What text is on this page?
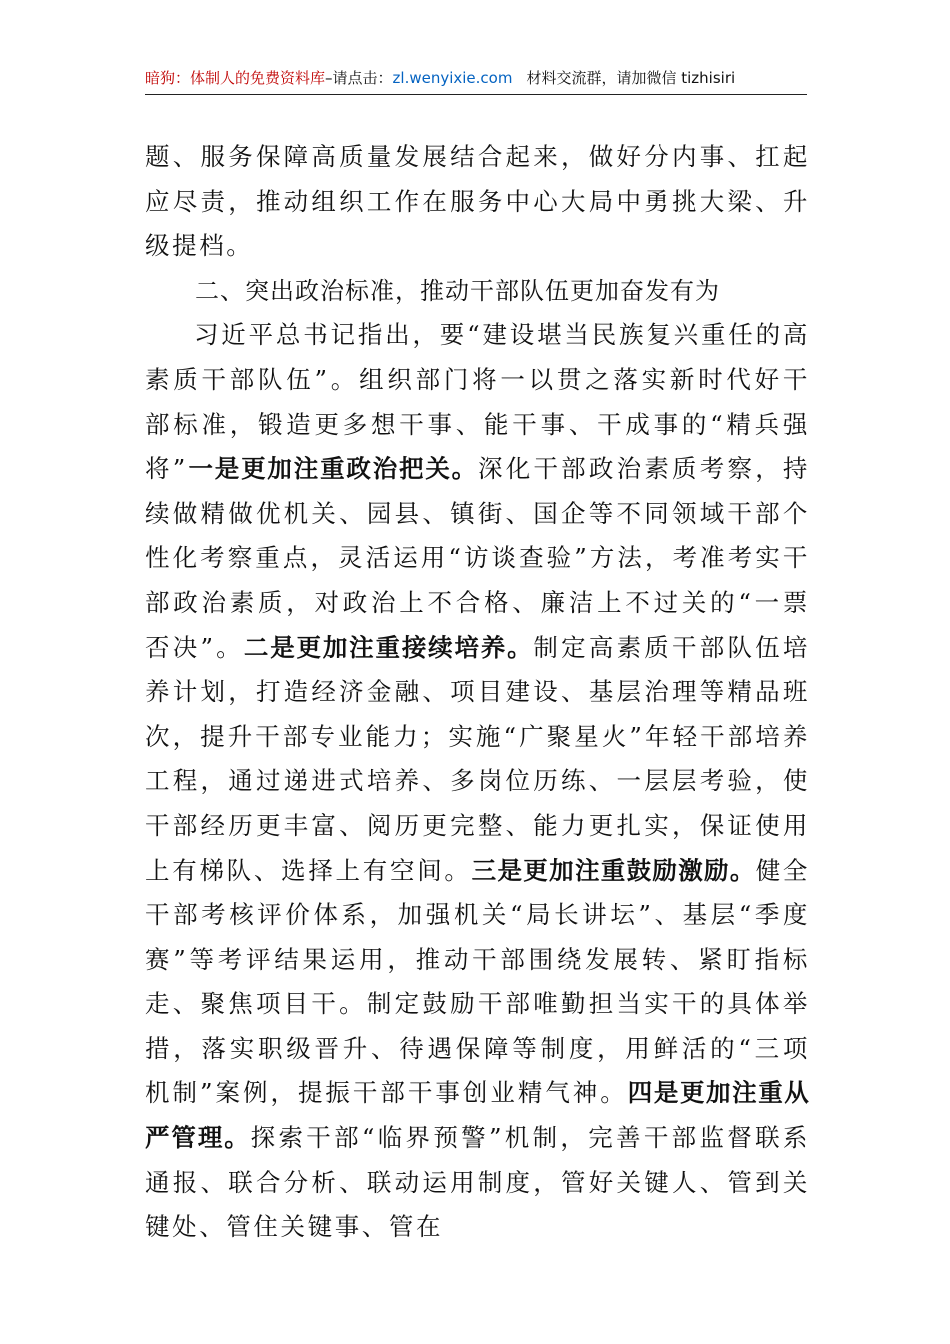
暗狗：体制人的免费资料库–请点击：zl.wenyixie.com 材料交流群，请加微信 tizhisiri

题、服务保障高质量发展结合起来，做好分内事、扛起应尽责，推动组织工作在服务中心大局中勇挑大梁、升级提档。

二、突出政治标准，推动干部队伍更加奋发有为

习近平总书记指出，要“建设堪当民族复兴重任的高素质干部队伍”。组织部门将一以贯之落实新时代好干部标准，锻造更多想干事、能干事、干成事的“精兵强将”一是更加注重政治把关。深化干部政治素质考察，持续做精做优机关、园县、镇街、国企等不同领域干部个性化考察重点，灵活运用“访谈查验”方法，考准考实干部政治素质，对政治上不合格、廉洁上不过关的“一票否决”。二是更加注重接续培养。制定高素质干部队伍培养计划，打造经济金融、项目建设、基层治理等精品班次，提升干部专业能力；实施“广聚星火”年轻干部培养工程，通过递进式培养、多岗位历练、一层层考验，使干部经历更丰富、阅历更完整、能力更扎实，保证使用上有梯队、选择上有空间。三是更加注重鼓励激励。健全干部考核评价体系，加强机关“局长讲坛”、基层“季度赛”等考评结果运用，推动干部围绕发展转、紧盯指标走、聚焦项目干。制定鼓励干部唯勤担当实干的具体举措，落实职级晋升、待遇保障等制度，用鲜活的“三项机制”案例，提振干部干事创业精气神。四是更加注重从严管理。探索干部“临界预警”机制，完善干部监督联系通报、联合分析、联动运用制度，管好关键人、管到关键处、管住关键事、管在
